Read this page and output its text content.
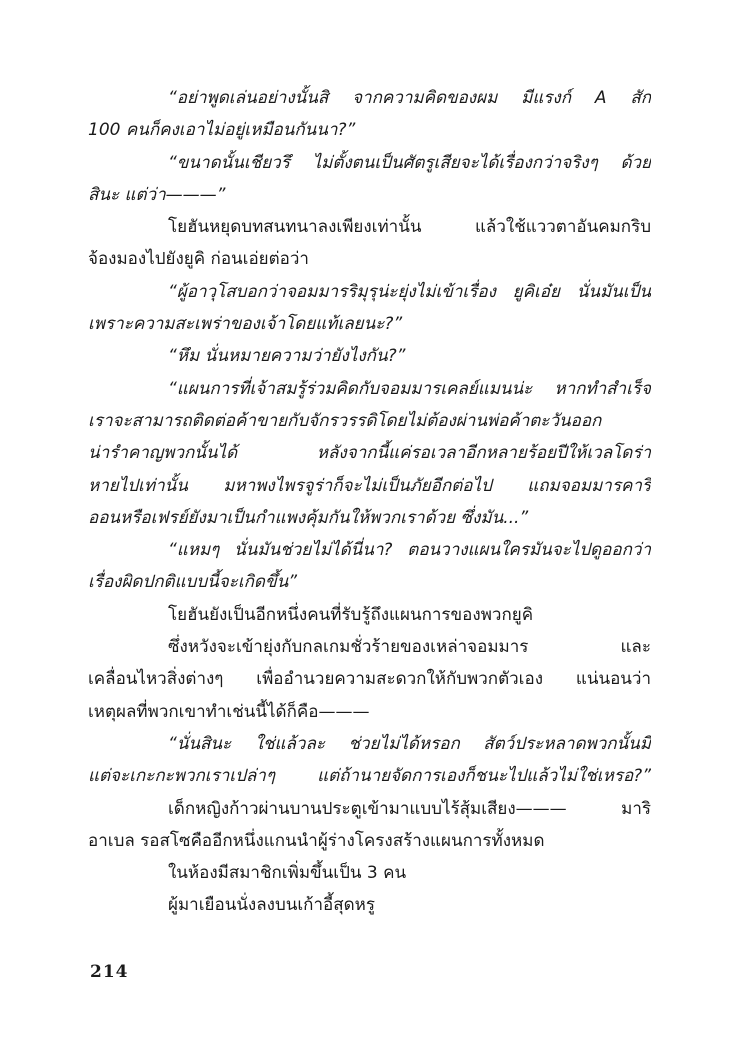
“อย่าพูดเล่นอย่างนั้นสิ จากความคิดของผม มีแรงก์ A สัก
100 คนก็คงเอาไม่อยู่เหมือนกันนา?”
“ขนาดนั้นเชียวรึ ไม่ตั้งตนเป็นศัตรูเสียจะได้เรื่องกว่าจริงๆ ด้วย
สินะ แต่ว่า———”
โยฮันหยุดบทสนทนาลงเพียงเท่านั้น แล้วใช้แววตาอันคมกริบ
จ้องมองไปยังยูคิ ก่อนเอ่ยต่อว่า
“ผู้อาวุโสบอกว่าจอมมารริมุรุน่ะยุ่งไม่เข้าเรื่อง ยูคิเอ๋ย นั่นมันเป็น
เพราะความสะเพร่าของเจ้าโดยแท้เลยนะ?”
“หึม นั่นหมายความว่ายังไงกัน?”
“แผนการที่เจ้าสมรู้ร่วมคิดกับจอมมารเคลย์แมนน่ะ หากทำสำเร็จ
เราจะสามารถติดต่อค้าขายกับจักรวรรดิโดยไม่ต้องผ่านพ่อค้าตะวันออก
น่ารำคาญพวกนั้นได้ หลังจากนี้แค่รอเวลาอีกหลายร้อยปีให้เวลโดร่า
หายไปเท่านั้น มหาพงไพรจูร่าก็จะไม่เป็นภัยอีกต่อไป แถมจอมมารคาริ
ออนหรือเฟรย์ยังมาเป็นกำแพงคุ้มกันให้พวกเราด้วย ซึ่งมัน...”
“แหมๆ นั่นมันช่วยไม่ได้นี่นา? ตอนวางแผนใครมันจะไปดูออกว่า
เรื่องผิดปกติแบบนี้จะเกิดขึ้น”
โยฮันยังเป็นอีกหนึ่งคนที่รับรู้ถึงแผนการของพวกยูคิ
ซึ่งหวังจะเข้ายุ่งกับกลเกมชั่วร้ายของเหล่าจอมมาร และ
เคลื่อนไหวสิ่งต่างๆ เพื่ออำนวยความสะดวกให้กับพวกตัวเอง แน่นอนว่า
เหตุผลที่พวกเขาทำเช่นนี้ได้ก็คือ———
“นั่นสินะ ใช่แล้วละ ช่วยไม่ได้หรอก สัตว์ประหลาดพวกนั้นมี
แต่จะเกะกะพวกเราเปล่าๆ แต่ถ้านายจัดการเองก็ชนะไปแล้วไม่ใช่เหรอ?”
เด็กหญิงก้าวผ่านบานประตูเข้ามาแบบไร้สุ้มเสียง——— มาริ
อาเบล รอสโซคืออีกหนึ่งแกนนำผู้ร่างโครงสร้างแผนการทั้งหมด
ในห้องมีสมาชิกเพิ่มขึ้นเป็น 3 คน
ผู้มาเยือนนั่งลงบนเก้าอี้สุดหรู
214
